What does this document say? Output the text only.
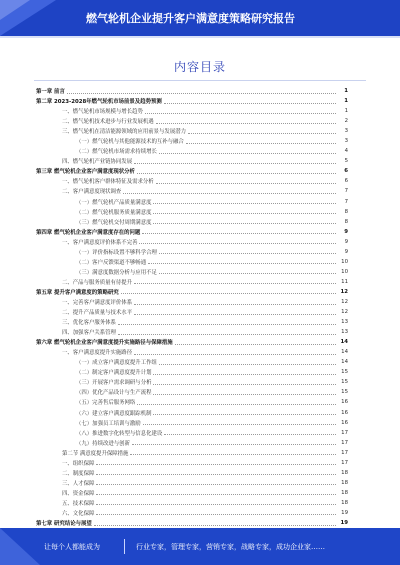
燃气轮机企业提升客户满意度策略研究报告
内容目录
第一章 前言	1
第二章 2023-2028年燃气轮机市场前景及趋势预测	1
一、燃气轮机市场规模与增长趋势	1
二、燃气轮机技术进步与行业发展机遇	2
三、燃气轮机在清洁能源领域的应用前景与发展潜力	3
（一）燃气轮机与其他能源技术的互补与融合	3
（二）燃气轮机市场需求持续增长	4
四、燃气轮机产业链协同发展	5
第三章 燃气轮机企业客户满意度现状分析	6
一、燃气轮机客户群体特征及需求分析	6
二、客户满意度现状调查	7
（一）燃气轮机产品质量满意度	7
（二）燃气轮机服务质量满意度	8
（三）燃气轮机交付周期满意度	8
第四章 燃气轮机企业客户满意度存在的问题	9
一、客户满意度评价体系不完善	9
（一）评价指标设置不够科学合理	9
（二）客户反馈渠道不够畅通	10
（三）满意度数据分析与应用不足	10
二、产品与服务质量有待提升	11
第五章 提升客户满意度的策略研究	12
一、完善客户满意度评价体系	12
二、提升产品质量与技术水平	12
三、优化客户服务体系	13
四、加强客户关系管理	13
第六章 燃气轮机企业客户满意度提升实施路径与保障措施	14
一、客户满意度提升实施路径	14
（一）成立客户满意度提升工作组	14
（二）制定客户满意度提升计划	15
（三）开展客户需求调研与分析	15
（四）优化产品设计与生产流程	15
（五）完善售后服务网络	16
（六）建立客户满意度跟踪机制	16
（七）加强员工培训与激励	16
（八）推进数字化转型与信息化建设	17
（九）持续改进与创新	17
第二节 满意度提升保障措施	17
一、组织保障	17
二、制度保障	18
三、人才保障	18
四、资金保障	18
五、技术保障	18
六、文化保障	19
第七章 研究结论与展望	19
让每个人都能成为	行业专家，管理专家，营销专家，战略专家，成功企业家……
